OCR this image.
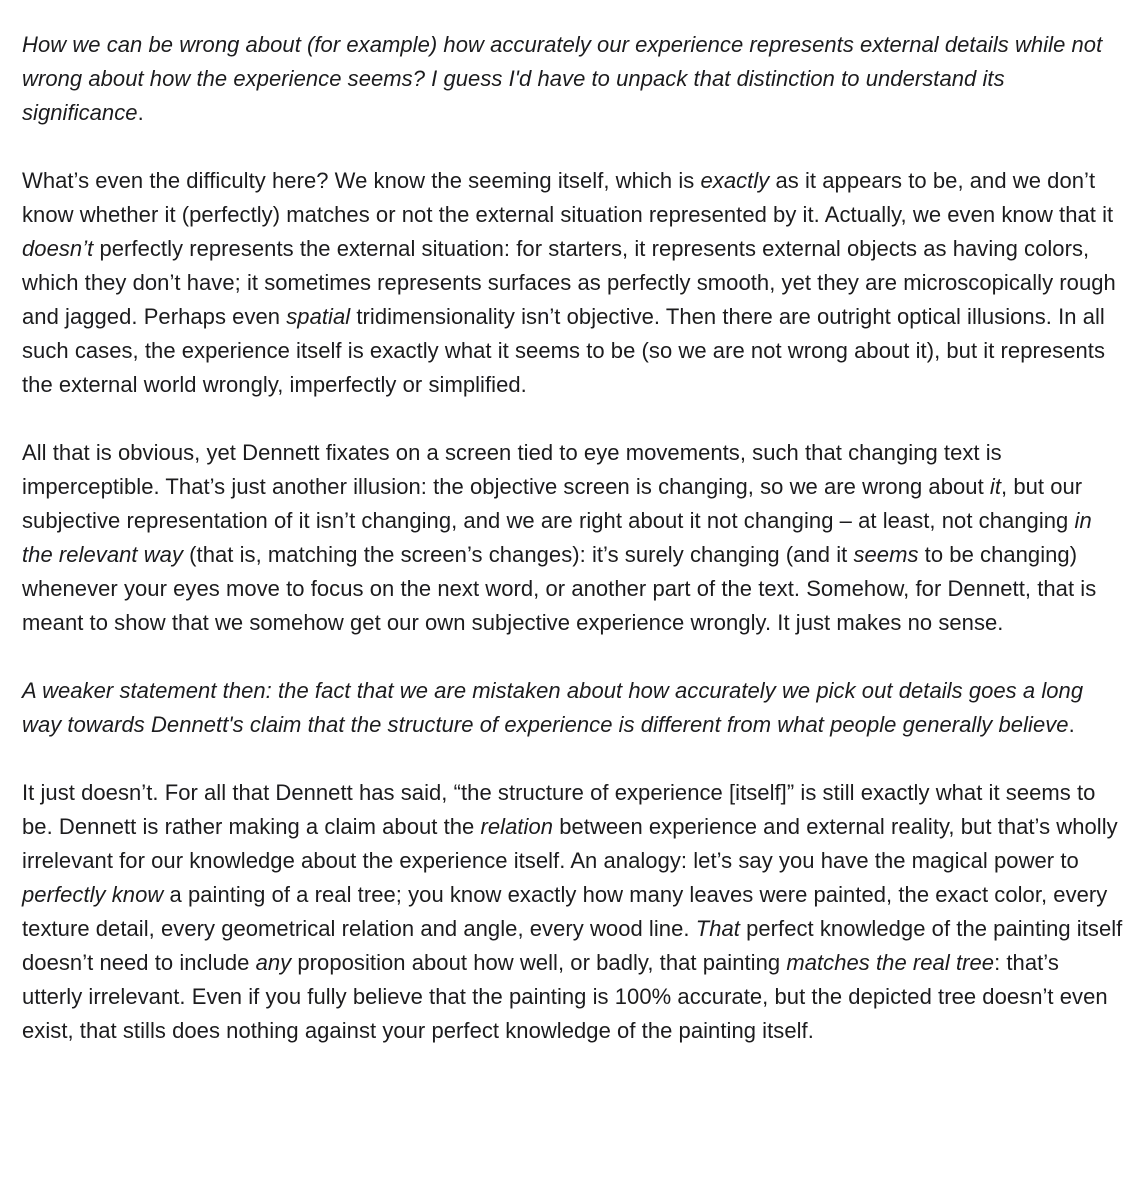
How we can be wrong about (for example) how accurately our experience represents external details while not wrong about how the experience seems? I guess I'd have to unpack that distinction to understand its significance.

What’s even the difficulty here? We know the seeming itself, which is exactly as it appears to be, and we don’t know whether it (perfectly) matches or not the external situation represented by it. Actually, we even know that it doesn’t perfectly represents the external situation: for starters, it represents external objects as having colors, which they don’t have; it sometimes represents surfaces as perfectly smooth, yet they are microscopically rough and jagged. Perhaps even spatial tridimensionality isn’t objective. Then there are outright optical illusions. In all such cases, the experience itself is exactly what it seems to be (so we are not wrong about it), but it represents the external world wrongly, imperfectly or simplified.

All that is obvious, yet Dennett fixates on a screen tied to eye movements, such that changing text is imperceptible. That’s just another illusion: the objective screen is changing, so we are wrong about it, but our subjective representation of it isn’t changing, and we are right about it not changing – at least, not changing in the relevant way (that is, matching the screen’s changes): it’s surely changing (and it seems to be changing) whenever your eyes move to focus on the next word, or another part of the text. Somehow, for Dennett, that is meant to show that we somehow get our own subjective experience wrongly. It just makes no sense.

A weaker statement then: the fact that we are mistaken about how accurately we pick out details goes a long way towards Dennett's claim that the structure of experience is different from what people generally believe.

It just doesn’t. For all that Dennett has said, “the structure of experience [itself]” is still exactly what it seems to be. Dennett is rather making a claim about the relation between experience and external reality, but that’s wholly irrelevant for our knowledge about the experience itself. An analogy: let’s say you have the magical power to perfectly know a painting of a real tree; you know exactly how many leaves were painted, the exact color, every texture detail, every geometrical relation and angle, every wood line. That perfect knowledge of the painting itself doesn’t need to include any proposition about how well, or badly, that painting matches the real tree: that’s utterly irrelevant. Even if you fully believe that the painting is 100% accurate, but the depicted tree doesn’t even exist, that stills does nothing against your perfect knowledge of the painting itself.
